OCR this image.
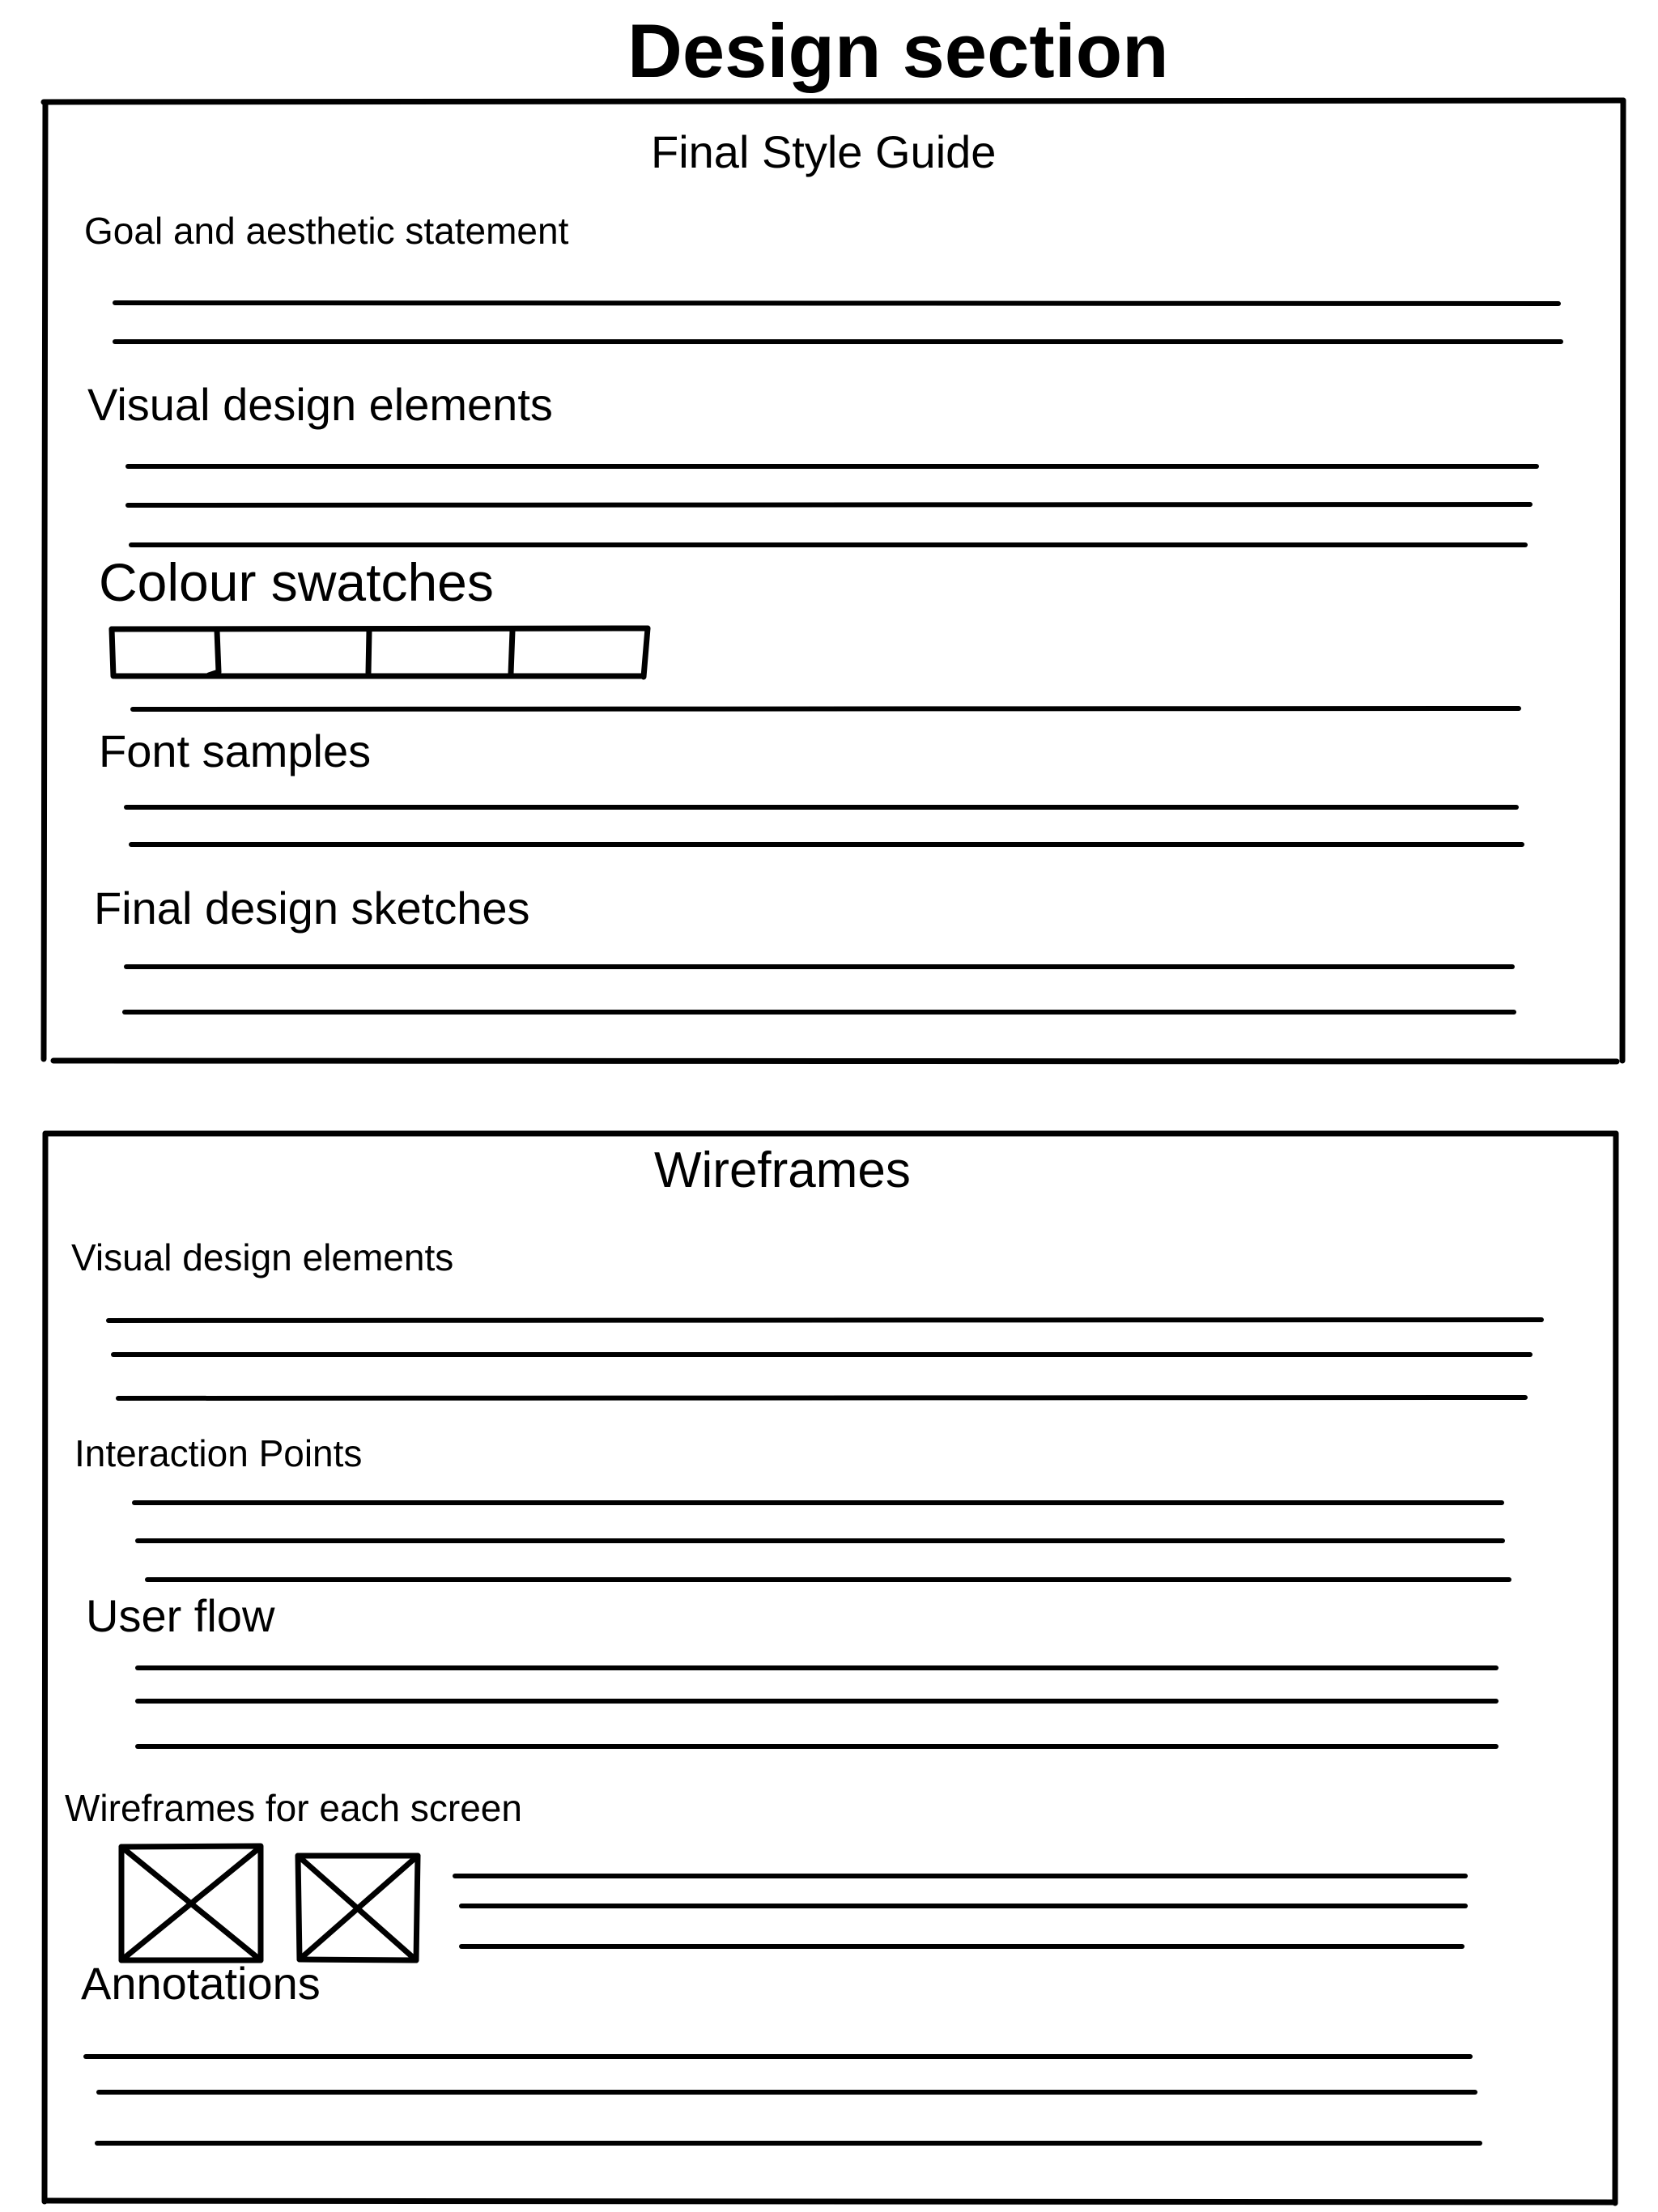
Design section
Final Style Guide
Goal and aesthetic statement
Visual design elements
Colour swatches
Font samples
Final design sketches
Wireframes
Visual design elements
Interaction Points
User flow
Wireframes for each screen
Annotations
